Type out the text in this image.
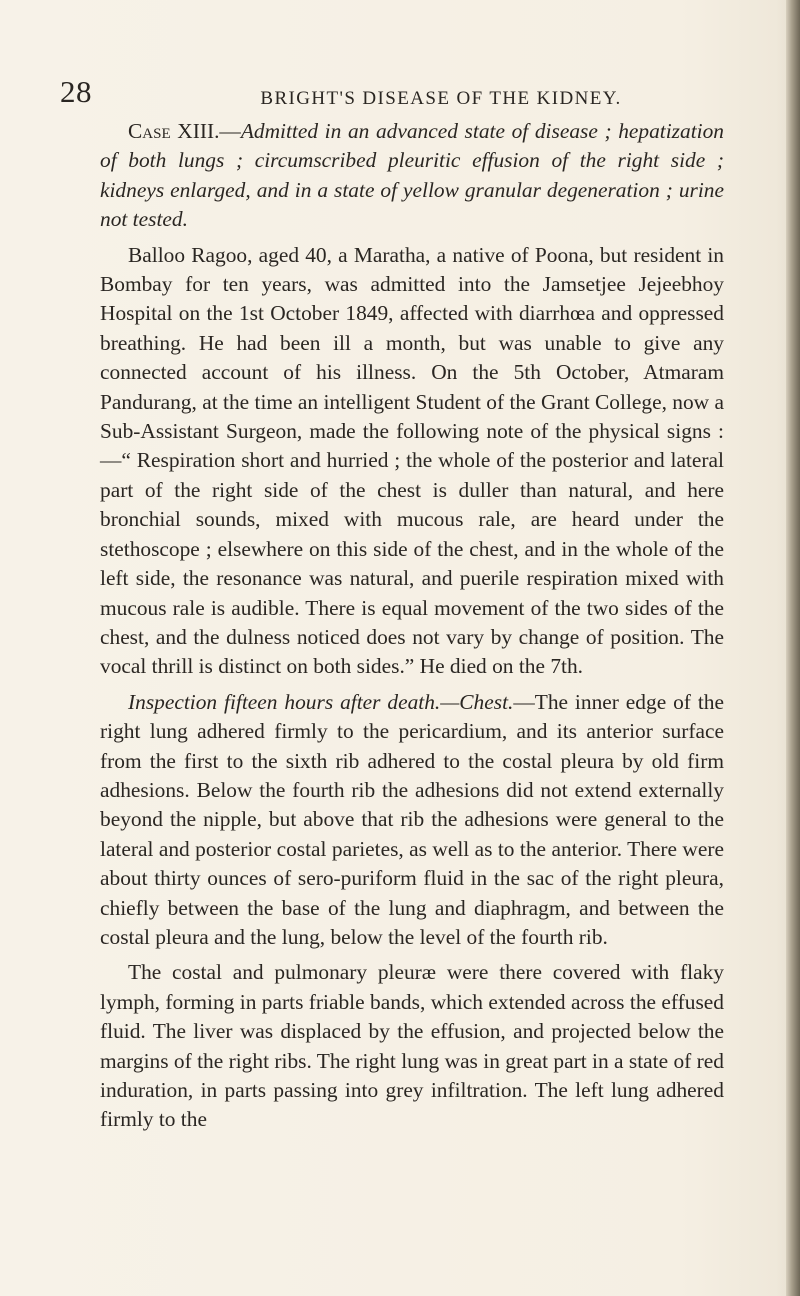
28	BRIGHT'S DISEASE OF THE KIDNEY.

Case XIII.—Admitted in an advanced state of disease ; hepatization of both lungs ; circumscribed pleuritic effusion of the right side ; kidneys enlarged, and in a state of yellow granular degeneration ; urine not tested.

Balloo Ragoo, aged 40, a Maratha, a native of Poona, but resident in Bombay for ten years, was admitted into the Jamsetjee Jejeebhoy Hospital on the 1st October 1849, affected with diarrhœa and oppressed breathing. He had been ill a month, but was unable to give any connected account of his illness. On the 5th October, Atmaram Pandurang, at the time an intelligent Student of the Grant College, now a Sub-Assistant Surgeon, made the following note of the physical signs :—“ Respiration short and hurried ; the whole of the posterior and lateral part of the right side of the chest is duller than natural, and here bronchial sounds, mixed with mucous rale, are heard under the stethoscope ; elsewhere on this side of the chest, and in the whole of the left side, the resonance was natural, and puerile respiration mixed with mucous rale is audible. There is equal movement of the two sides of the chest, and the dulness noticed does not vary by change of position. The vocal thrill is distinct on both sides.” He died on the 7th.

Inspection fifteen hours after death.—Chest.—The inner edge of the right lung adhered firmly to the pericardium, and its anterior surface from the first to the sixth rib adhered to the costal pleura by old firm adhesions. Below the fourth rib the adhesions did not extend externally beyond the nipple, but above that rib the adhesions were general to the lateral and posterior costal parietes, as well as to the anterior. There were about thirty ounces of sero-puriform fluid in the sac of the right pleura, chiefly between the base of the lung and diaphragm, and between the costal pleura and the lung, below the level of the fourth rib.

The costal and pulmonary pleuræ were there covered with flaky lymph, forming in parts friable bands, which extended across the effused fluid. The liver was displaced by the effusion, and projected below the margins of the right ribs. The right lung was in great part in a state of red induration, in parts passing into grey infiltration. The left lung adhered firmly to the
